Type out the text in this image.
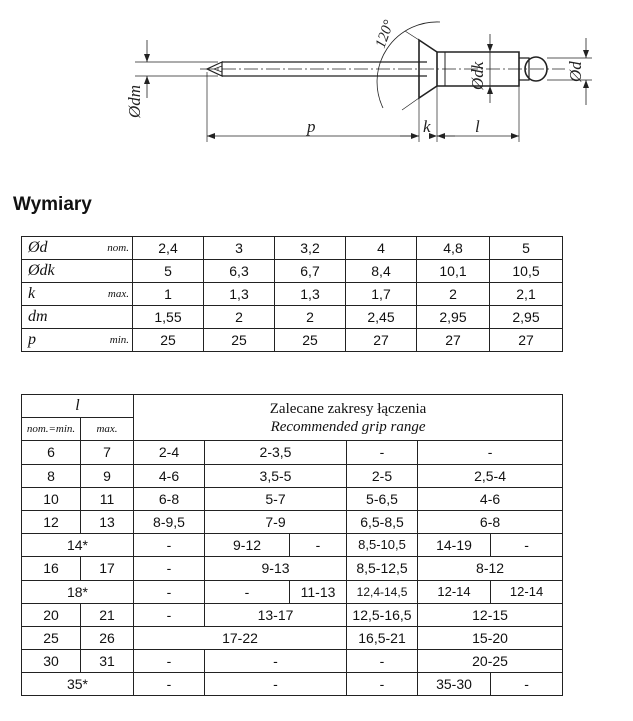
120°
Ødm
Ødk	Ød
p	k	l
Wymiary
Ød	nom.	2,4	3	3,2	4	4,8	5
Ødk		5	6,3	6,7	8,4	10,1	10,5
k	max.	1	1,3	1,3	1,7	2	2,1
dm		1,55	2	2	2,45	2,95	2,95
p	min.	25	25	25	27	27	27
l		Zalecane zakresy łączenia
Recommended grip range					

nom.=min.	max.						
6	7	2-4	2-3,5		-	-	
8	9	4-6	3,5-5		2-5	2,5-4	
10	11	6-8	5-7		5-6,5	4-6	
12	13	8-9,5	7-9		6,5-8,5	6-8	
14*		-	9-12	-	8,5-10,5	14-19	-
16	17	-	9-13		8,5-12,5	8-12	
18*		-	-	11-13	12,4-14,5	12-14	12-14
20	21	-	13-17		12,5-16,5	12-15	
25	26	17-22			16,5-21	15-20	
30	31	-	-		-	20-25	
35*		-	-		-	35-30	-
